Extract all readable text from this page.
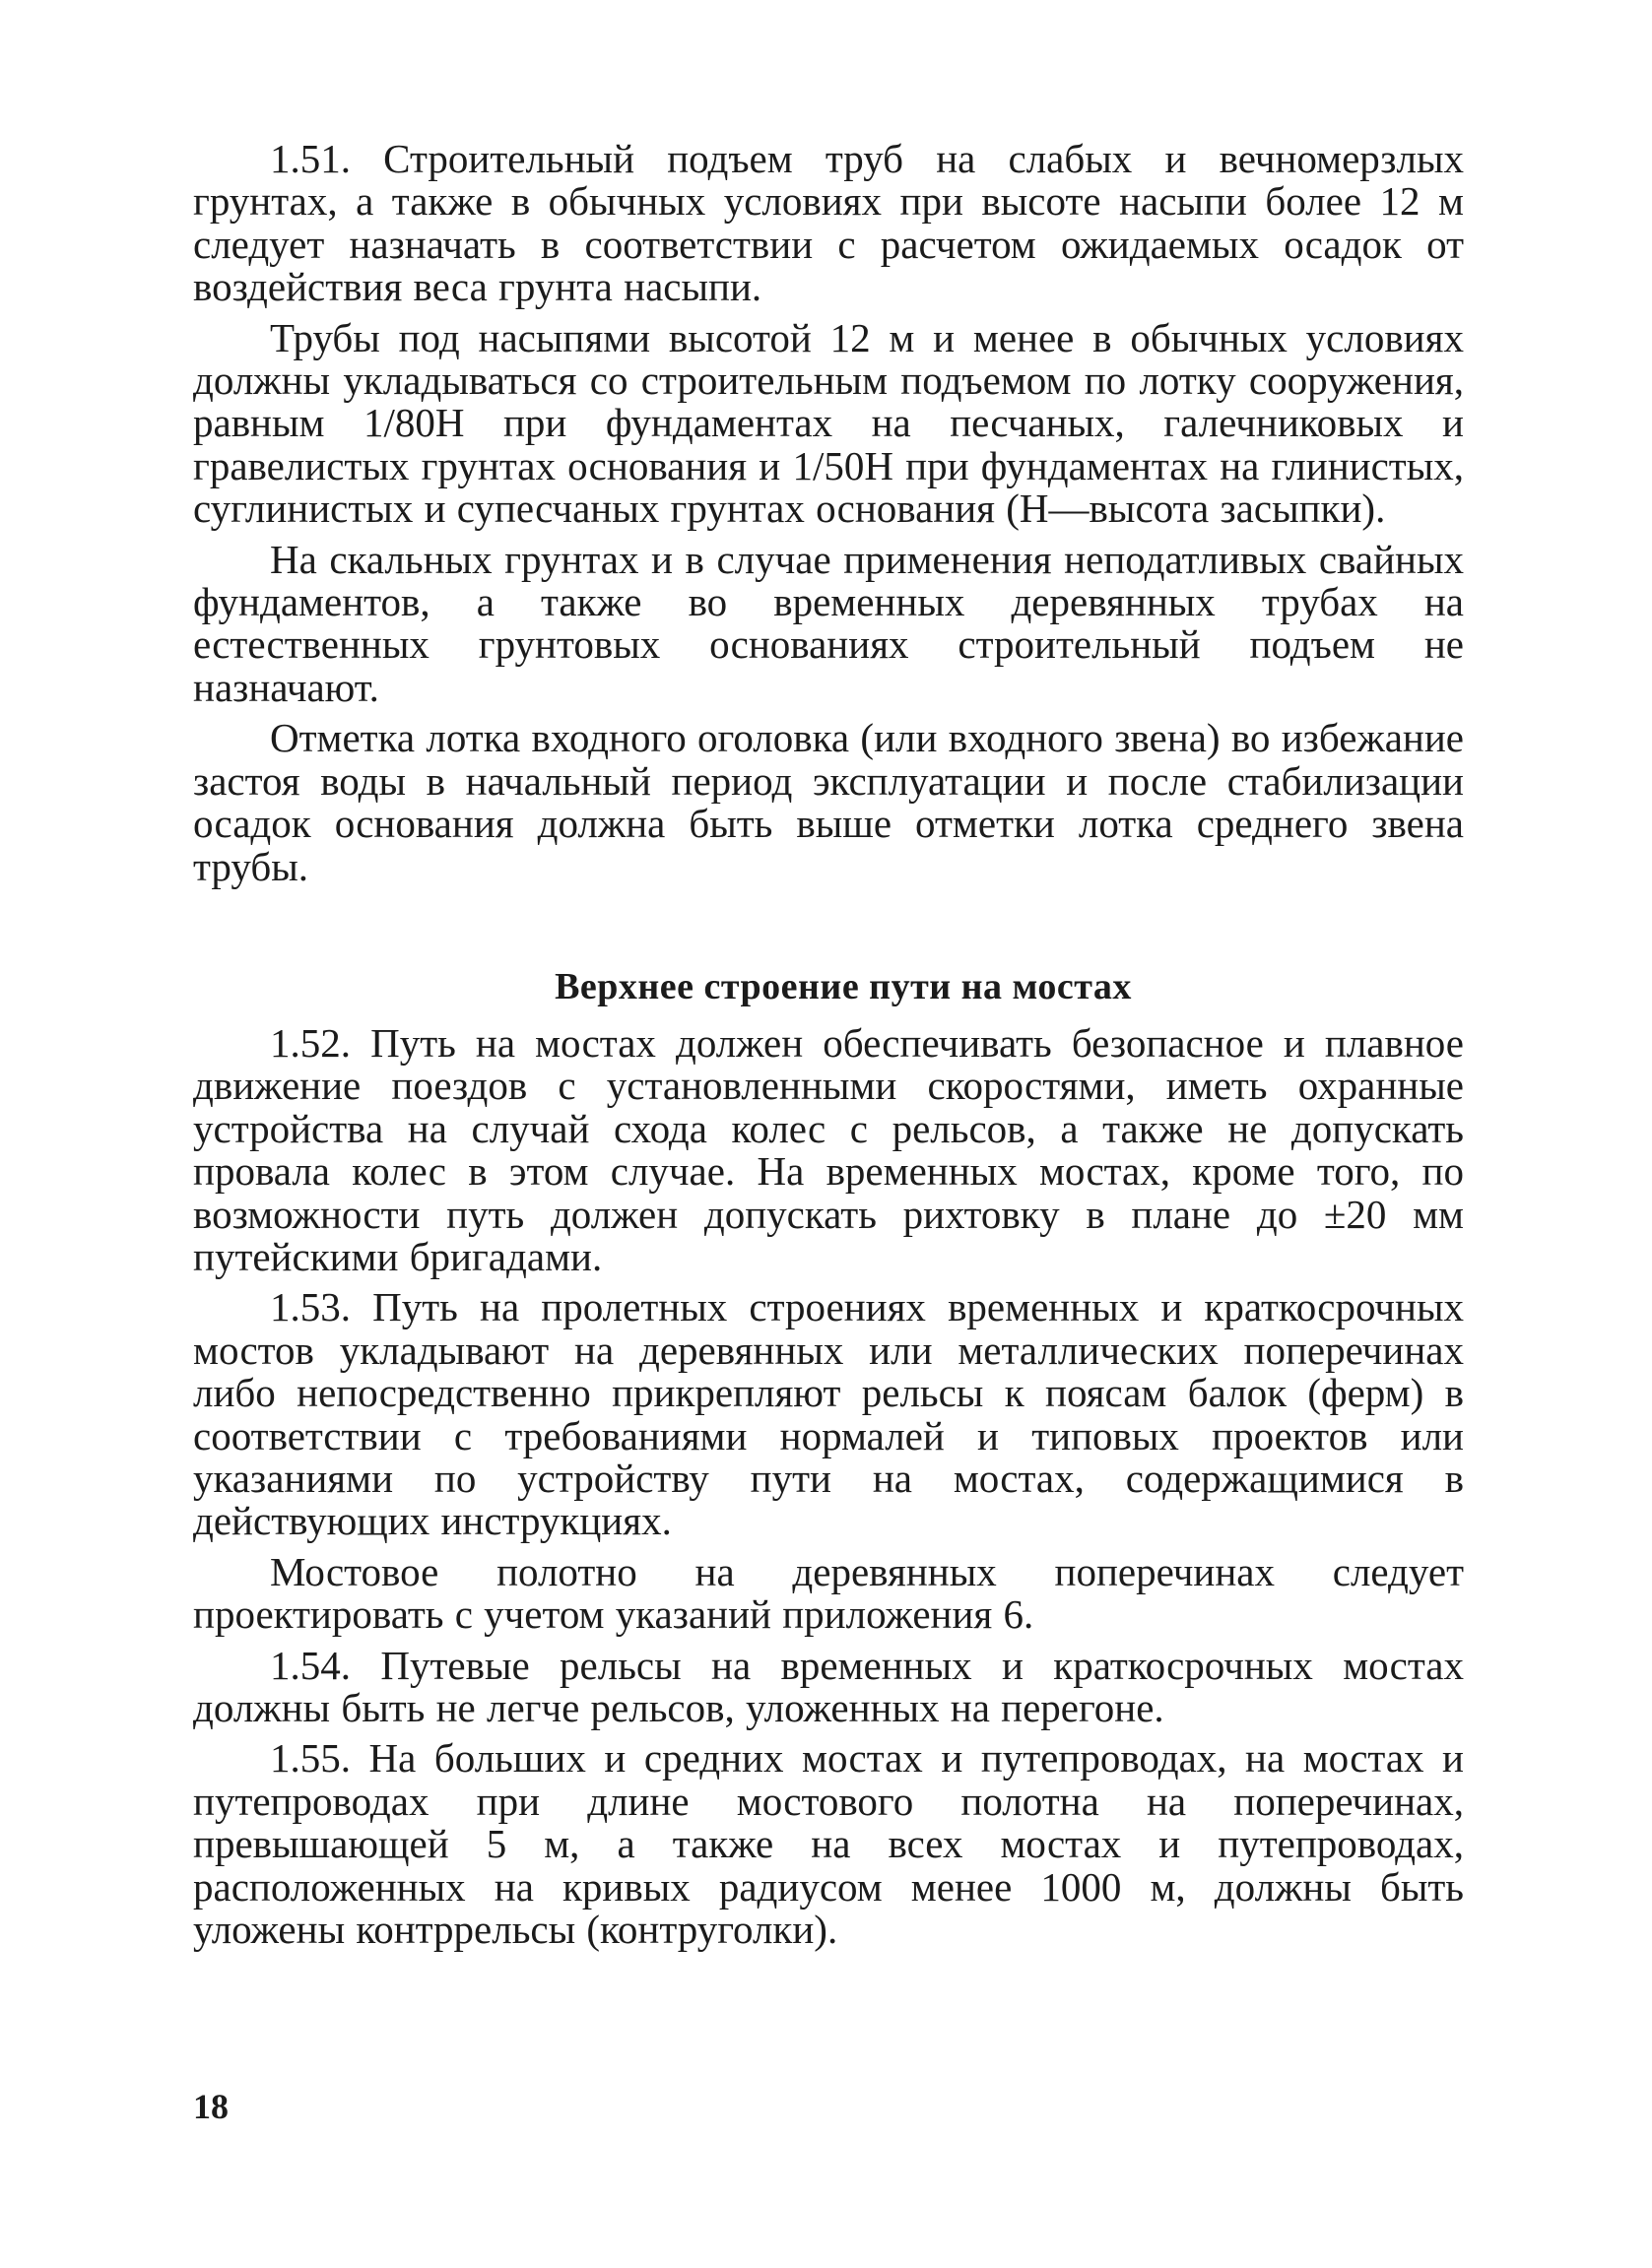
1.51. Строительный подъем труб на слабых и вечномерзлых грунтах, а также в обычных условиях при высоте насыпи более 12 м следует назначать в соответствии с расчетом ожидаемых осадок от воздействия веса грунта насыпи.

Трубы под насыпями высотой 12 м и менее в обычных условиях должны укладываться со строительным подъемом по лотку сооружения, равным 1/80Н при фундаментах на песчаных, галечниковых и гравелистых грунтах основания и 1/50Н при фундаментах на глинистых, суглинистых и супесчаных грунтах основания (Н—высота засыпки).

На скальных грунтах и в случае применения неподатливых свайных фундаментов, а также во временных деревянных трубах на естественных грунтовых основаниях строительный подъем не назначают.

Отметка лотка входного оголовка (или входного звена) во избежание застоя воды в начальный период эксплуатации и после стабилизации осадок основания должна быть выше отметки лотка среднего звена трубы.

Верхнее строение пути на мостах

1.52. Путь на мостах должен обеспечивать безопасное и плавное движение поездов с установленными скоростями, иметь охранные устройства на случай схода колес с рельсов, а также не допускать провала колес в этом случае. На временных мостах, кроме того, по возможности путь должен допускать рихтовку в плане до ±20 мм путейскими бригадами.

1.53. Путь на пролетных строениях временных и краткосрочных мостов укладывают на деревянных или металлических поперечинах либо непосредственно прикрепляют рельсы к поясам балок (ферм) в соответствии с требованиями нормалей и типовых проектов или указаниями по устройству пути на мостах, содержащимися в действующих инструкциях.

Мостовое полотно на деревянных поперечинах следует проектировать с учетом указаний приложения 6.

1.54. Путевые рельсы на временных и краткосрочных мостах должны быть не легче рельсов, уложенных на перегоне.

1.55. На больших и средних мостах и путепроводах, на мостах и путепроводах при длине мостового полотна на поперечинах, превышающей 5 м, а также на всех мостах и путепроводах, расположенных на кривых радиусом менее 1000 м, должны быть уложены контррельсы (контруголки).

18
